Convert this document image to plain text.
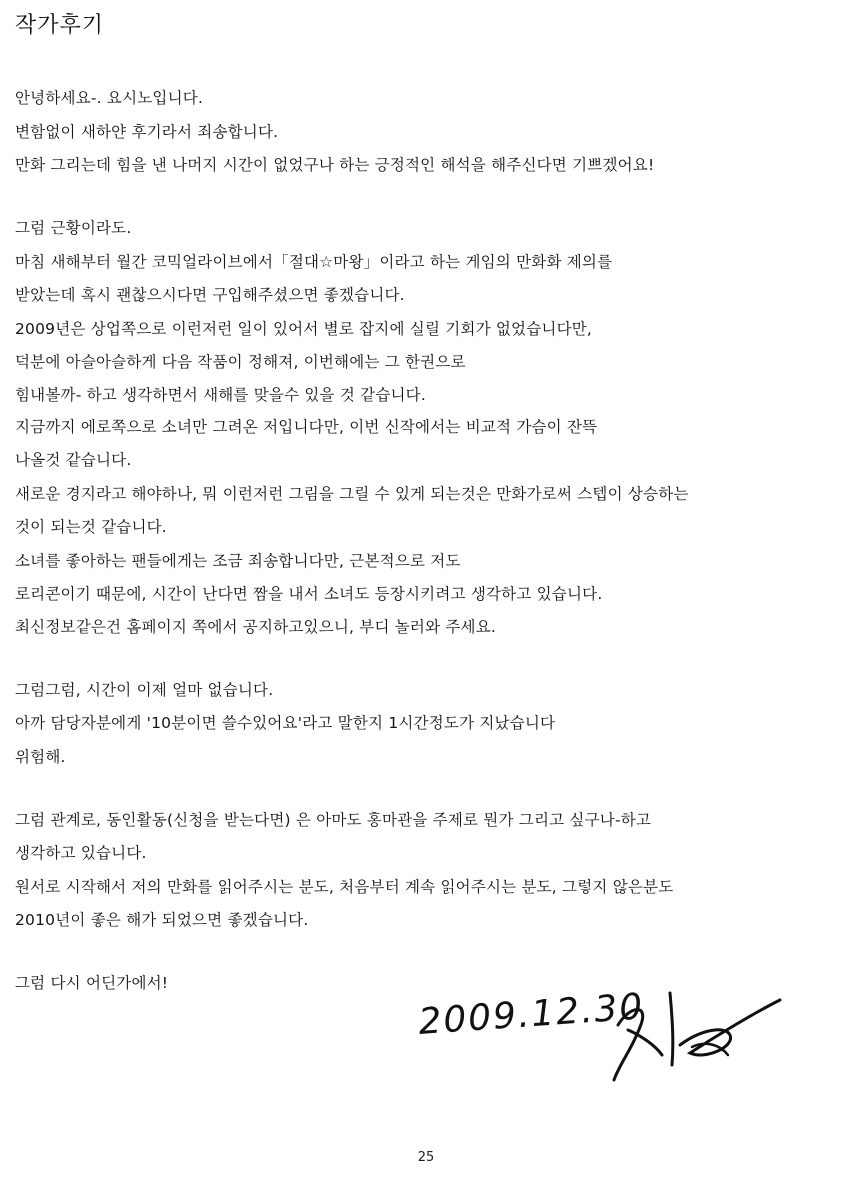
작가후기
안녕하세요-. 요시노입니다.
변함없이 새하얀 후기라서 죄송합니다.
만화 그리는데 힘을 낸 나머지 시간이 없었구나 하는 긍정적인 해석을 해주신다면 기쁘겠어요!
그럼 근황이라도.
마침 새해부터 월간 코믹얼라이브에서「절대☆마왕」이라고 하는 게임의 만화화 제의를
받았는데 혹시 괜찮으시다면 구입해주셨으면 좋겠습니다.
2009년은 상업쪽으로 이런저런 일이 있어서 별로 잡지에 실릴 기회가 없었습니다만,
덕분에 아슬아슬하게 다음 작품이 정해져, 이번해에는 그 한권으로
힘내볼까- 하고 생각하면서 새해를 맞을수 있을 것 같습니다.
지금까지 에로쪽으로 소녀만 그려온 저입니다만, 이번 신작에서는 비교적 가슴이 잔뜩
나올것 같습니다.
새로운 경지라고 해야하나, 뭐 이런저런 그림을 그릴 수 있게 되는것은 만화가로써 스텝이 상승하는
것이 되는것 같습니다.
소녀를 좋아하는 팬들에게는 조금 죄송합니다만, 근본적으로 저도
로리콘이기 때문에, 시간이 난다면 짬을 내서 소녀도 등장시키려고 생각하고 있습니다.
최신정보같은건 홈페이지 쪽에서 공지하고있으니, 부디 놀러와 주세요.
그럼그럼, 시간이 이제 얼마 없습니다.
아까 담당자분에게 '10분이면 쓸수있어요'라고 말한지 1시간정도가 지났습니다
위험해.
그럼 관계로, 동인활동(신청을 받는다면) 은 아마도 홍마관을 주제로 뭔가 그리고 싶구나-하고
생각하고 있습니다.
원서로 시작해서 저의 만화를 읽어주시는 분도, 처음부터 계속 읽어주시는 분도, 그렇지 않은분도
2010년이 좋은 해가 되었으면 좋겠습니다.
그럼 다시 어딘가에서!
2009.12.30
25
